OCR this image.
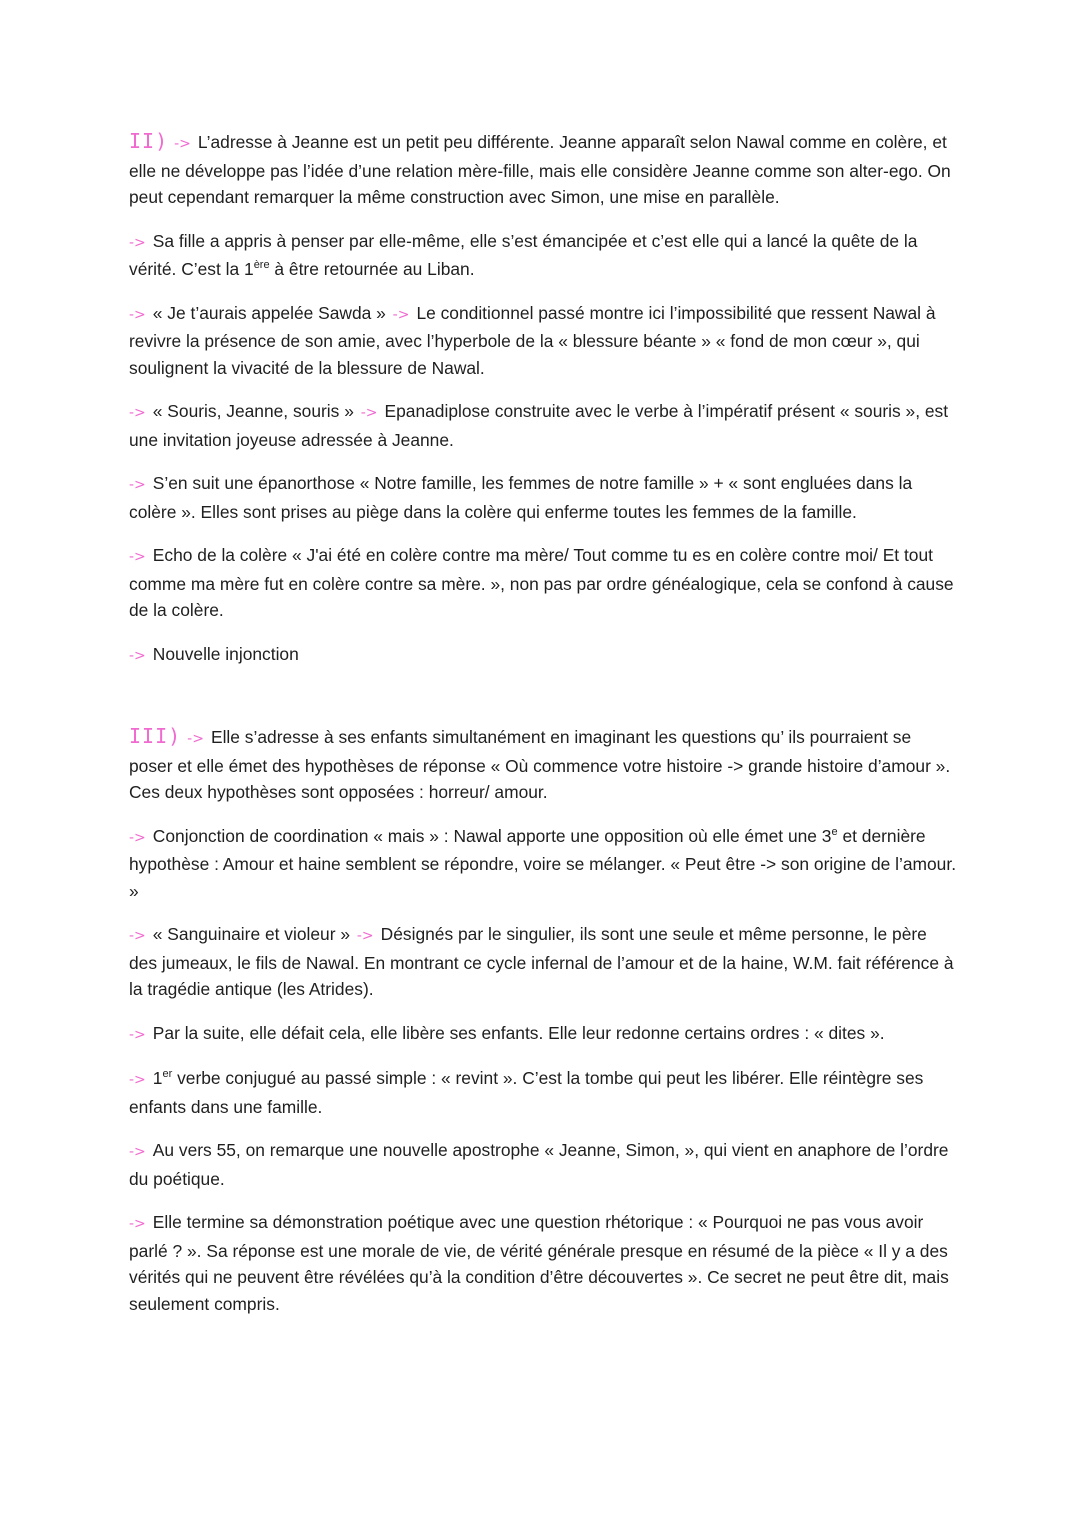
II) -> L’adresse à Jeanne est un petit peu différente. Jeanne apparaît selon Nawal comme en colère, et elle ne développe pas l’idée d’une relation mère-fille, mais elle considère Jeanne comme son alter-ego. On peut cependant remarquer la même construction avec Simon, une mise en parallèle.

-> Sa fille a appris à penser par elle-même, elle s’est émancipée et c’est elle qui a lancé la quête de la vérité. C’est la 1ère à être retournée au Liban.

-> « Je t’aurais appelée Sawda » -> Le conditionnel passé montre ici l’impossibilité que ressent Nawal à revivre la présence de son amie, avec l’hyperbole de la « blessure béante » « fond de mon cœur », qui soulignent la vivacité de la blessure de Nawal.

-> « Souris, Jeanne, souris » -> Epanadiplose construite avec le verbe à l’impératif présent « souris », est une invitation joyeuse adressée à Jeanne.

-> S’en suit une épanorthose « Notre famille, les femmes de notre famille » + « sont engluées dans la colère ». Elles sont prises au piège dans la colère qui enferme toutes les femmes de la famille.

-> Echo de la colère « J'ai été en colère contre ma mère/ Tout comme tu es en colère contre moi/ Et tout comme ma mère fut en colère contre sa mère. », non pas par ordre généalogique, cela se confond à cause de la colère.

-> Nouvelle injonction

III) -> Elle s’adresse à ses enfants simultanément en imaginant les questions qu’ ils pourraient se poser et elle émet des hypothèses de réponse « Où commence votre histoire -> grande histoire d’amour ». Ces deux hypothèses sont opposées : horreur/ amour.

-> Conjonction de coordination « mais » : Nawal apporte une opposition où elle émet une 3e et dernière hypothèse : Amour et haine semblent se répondre, voire se mélanger. « Peut être -> son origine de l’amour. »

-> « Sanguinaire et violeur » -> Désignés par le singulier, ils sont une seule et même personne, le père des jumeaux, le fils de Nawal. En montrant ce cycle infernal de l’amour et de la haine, W.M. fait référence à la tragédie antique (les Atrides).

-> Par la suite, elle défait cela, elle libère ses enfants. Elle leur redonne certains ordres : « dites ».

-> 1er verbe conjugué au passé simple : « revint ». C’est la tombe qui peut les libérer. Elle réintègre ses enfants dans une famille.

-> Au vers 55, on remarque une nouvelle apostrophe « Jeanne, Simon, », qui vient en anaphore de l’ordre du poétique.

-> Elle termine sa démonstration poétique avec une question rhétorique : « Pourquoi ne pas vous avoir parlé ? ». Sa réponse est une morale de vie, de vérité générale presque en résumé de la pièce « Il y a des vérités qui ne peuvent être révélées qu’à la condition d’être découvertes ». Ce secret ne peut être dit, mais seulement compris.
